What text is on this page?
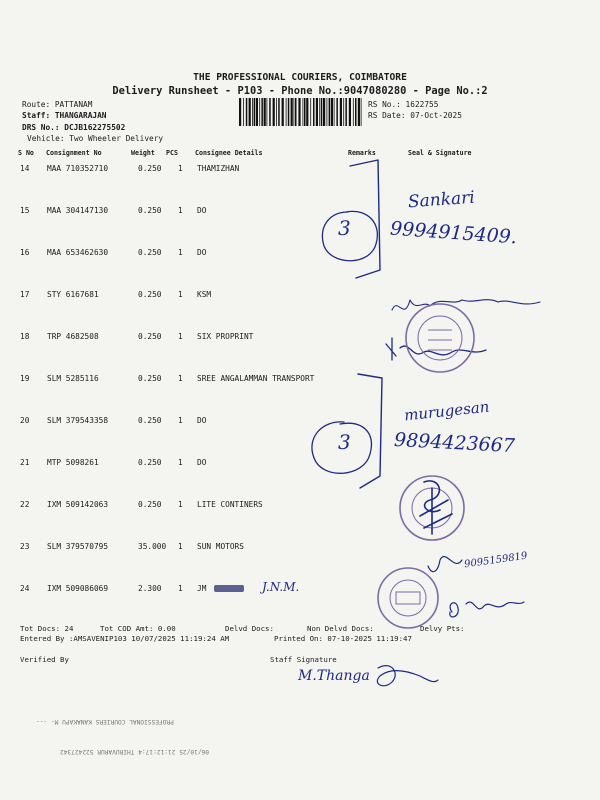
THE PROFESSIONAL COURIERS, COIMBATORE
Delivery Runsheet - P103 - Phone No.:9047080280 - Page No.:2
Route: PATTANAM
Staff: THANGARAJAN
DRS No.: DCJB162275502
Vehicle: Two Wheeler Delivery
RS No.: 1622755
RS Date: 07-Oct-2025
S No Consignment No	Weight PCS	Consignee Details	Remarks	Seal & Signature
14 MAA 710352710	0.250 1 THAMIZHAN
15 MAA 304147130	0.250 1 DO
16 MAA 653462630	0.250 1 DO
17 STY 6167681	0.250 1 KSM
18 TRP 4682508	0.250 1 SIX PROPRINT
19 SLM 5285116	0.250 1 SREE ANGALAMMAN TRANSPORT
20 SLM 379543358	0.250 1 DO
21 MTP 5098261	0.250 1 DO
22 IXM 509142063	0.250 1 LITE CONTINERS
23 SLM 379570795	35.000 1 SUN MOTORS
24 IXM 509086069	2.300 1 JM
Sankari
9994915409.
3
murugesan
9894423667
3
9095159819
J.N.M.
M.Thanga
Tot Docs: 24	Tot COD Amt: 0.00	Delvd Docs:	Non Delvd Docs:	Delvy Pts:
Entered By :AMSAVENIP103 10/07/2025 11:19:24 AM	Printed On: 07-10-2025 11:19:47
Verified By	Staff Signature
06/10/25 21:12:17:4 THIRUVARUR 522427342
PROFESSIONAL COURIERS KANAKAPU M- ---
